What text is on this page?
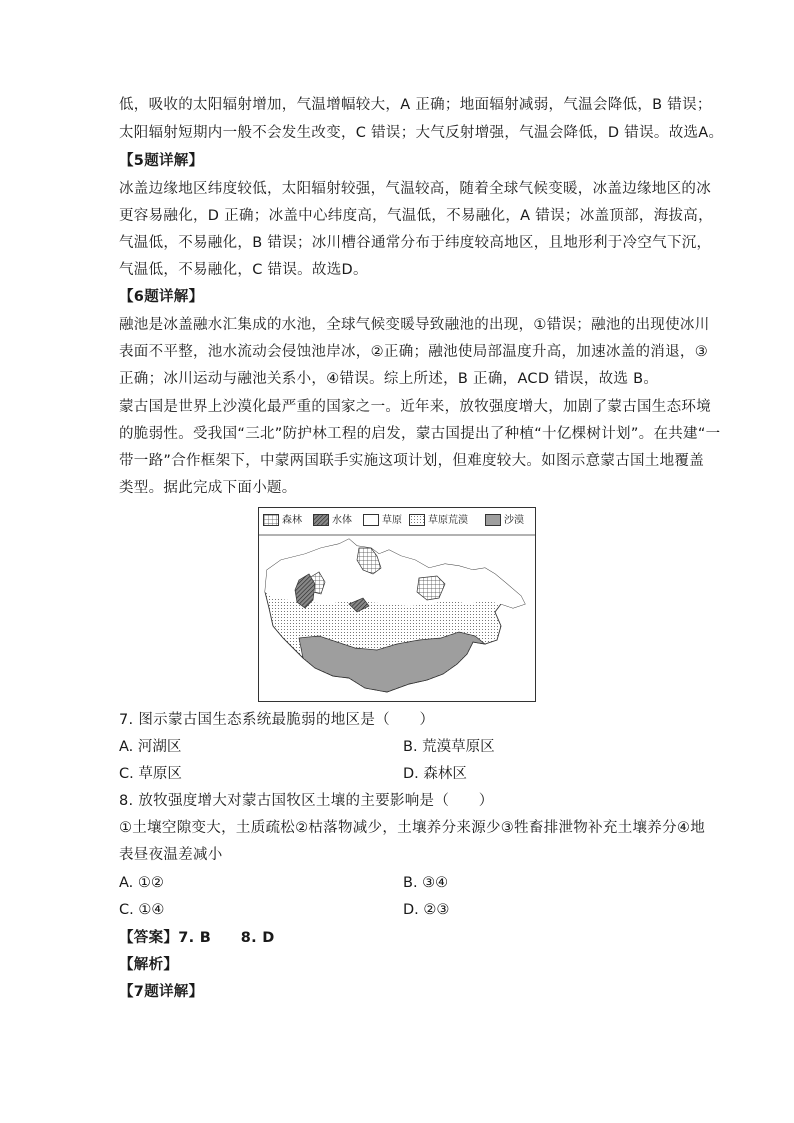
低，吸收的太阳辐射增加，气温增幅较大，A 正确；地面辐射减弱，气温会降低，B 错误；
太阳辐射短期内一般不会发生改变，C 错误；大气反射增强，气温会降低，D 错误。故选A。
【5题详解】
冰盖边缘地区纬度较低，太阳辐射较强，气温较高，随着全球气候变暖，冰盖边缘地区的冰
更容易融化，D 正确；冰盖中心纬度高，气温低，不易融化，A 错误；冰盖顶部，海拔高，
气温低，不易融化，B 错误；冰川槽谷通常分布于纬度较高地区，且地形利于冷空气下沉，
气温低，不易融化，C 错误。故选D。
【6题详解】
融池是冰盖融水汇集成的水池，全球气候变暖导致融池的出现，①错误；融池的出现使冰川
表面不平整，池水流动会侵蚀池岸冰，②正确；融池使局部温度升高，加速冰盖的消退，③
正确；冰川运动与融池关系小，④错误。综上所述，B 正确，ACD 错误，故选 B。
蒙古国是世界上沙漠化最严重的国家之一。近年来，放牧强度增大，加剧了蒙古国生态环境
的脆弱性。受我国“三北”防护林工程的启发，蒙古国提出了种植“十亿棵树计划”。在共建“一
带一路”合作框架下，中蒙两国联手实施这项计划，但难度较大。如图示意蒙古国土地覆盖
类型。据此完成下面小题。
森林	水体	草原	草原荒漠	沙漠
7. 图示蒙古国生态系统最脆弱的地区是（　　）
A. 河湖区	B. 荒漠草原区
C. 草原区	D. 森林区
8. 放牧强度增大对蒙古国牧区土壤的主要影响是（　　）
①土壤空隙变大，土质疏松②枯落物减少，土壤养分来源少③牲畜排泄物补充土壤养分④地
表昼夜温差减小
A. ①②	B. ③④
C. ①④	D. ②③
【答案】7. B　　8. D
【解析】
【7题详解】
